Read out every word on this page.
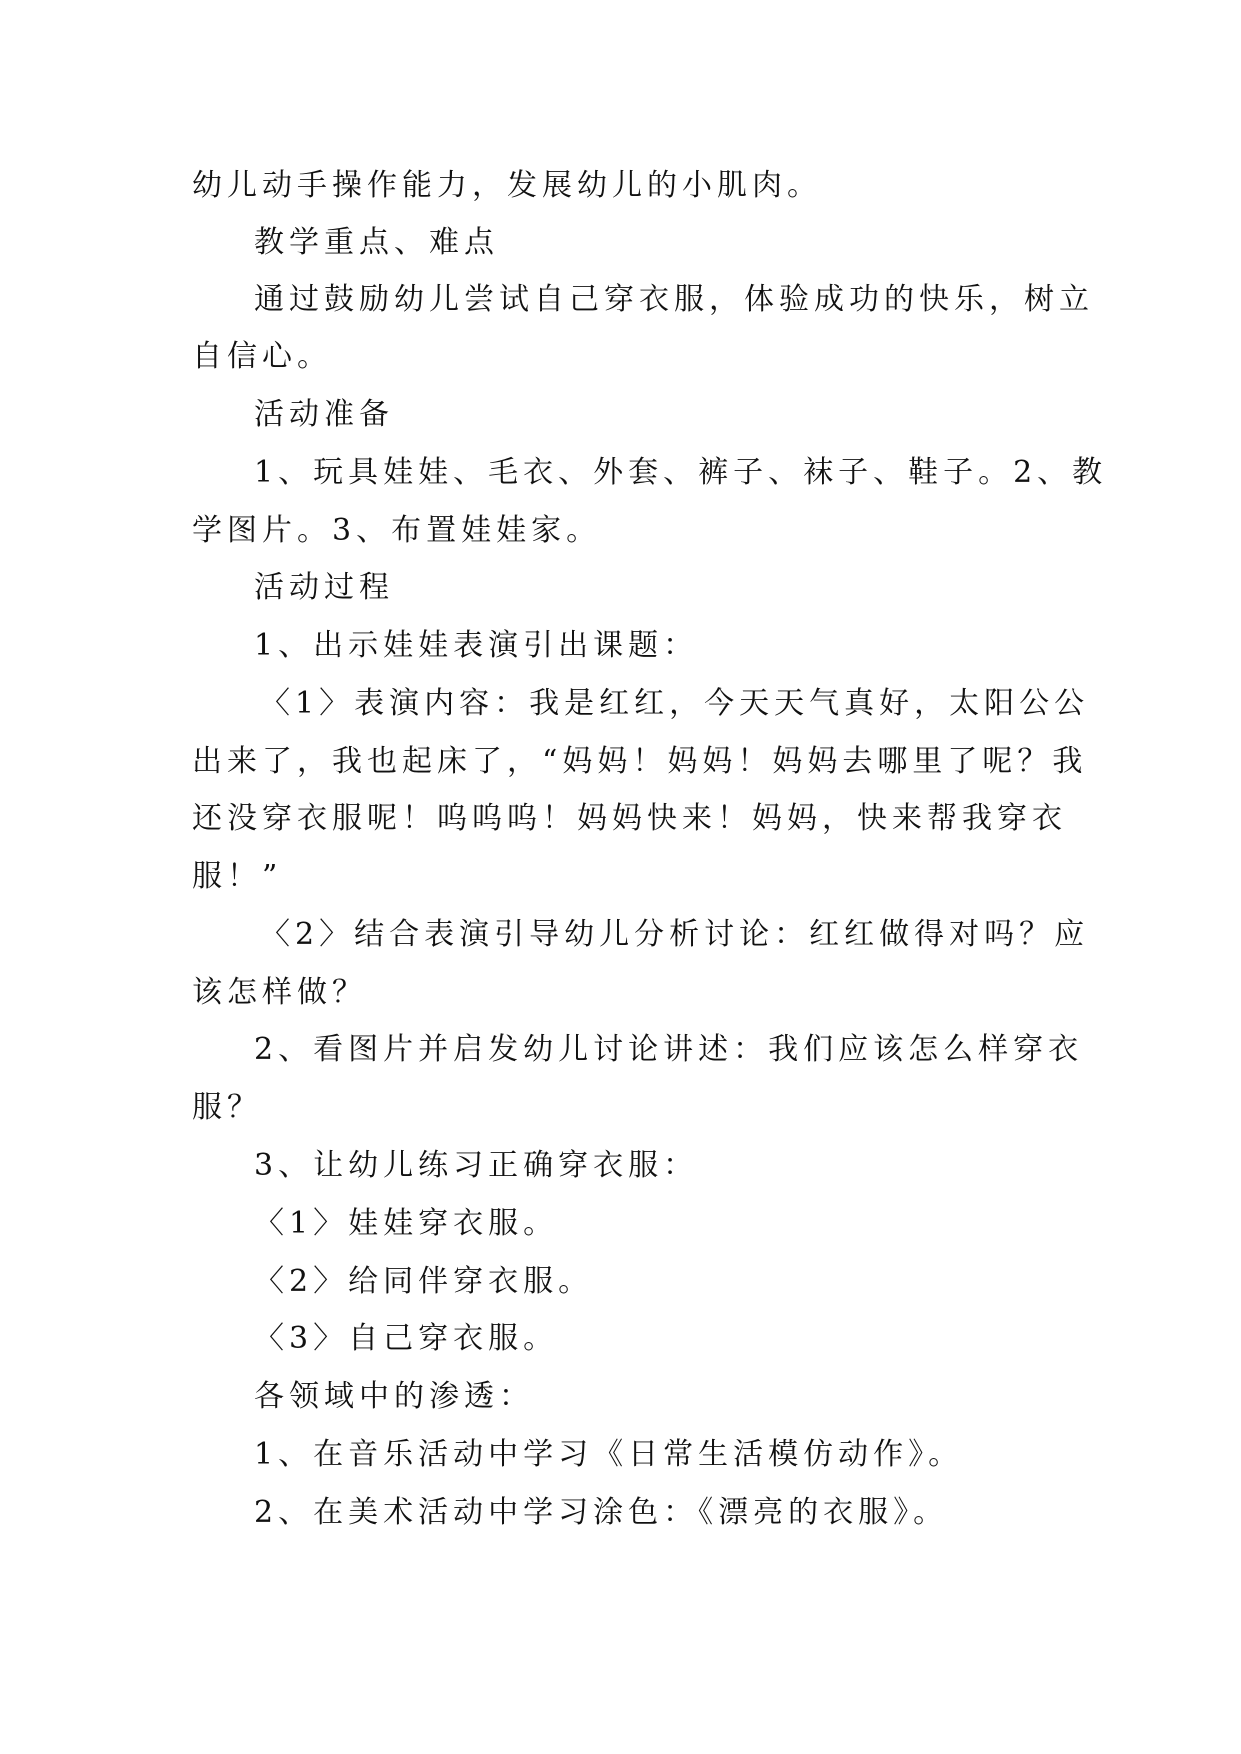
幼儿动手操作能力，发展幼儿的小肌肉。
教学重点、难点
通过鼓励幼儿尝试自己穿衣服，体验成功的快乐，树立
自信心。
活动准备
1、玩具娃娃、毛衣、外套、裤子、袜子、鞋子。2、教
学图片。3、布置娃娃家。
活动过程
1、出示娃娃表演引出课题：
〈1〉表演内容：我是红红，今天天气真好，太阳公公
出来了，我也起床了，“妈妈！妈妈！妈妈去哪里了呢？我
还没穿衣服呢！呜呜呜！妈妈快来！妈妈，快来帮我穿衣
服！”
〈2〉结合表演引导幼儿分析讨论：红红做得对吗？应
该怎样做？
2、看图片并启发幼儿讨论讲述：我们应该怎么样穿衣
服？
3、让幼儿练习正确穿衣服：
〈1〉娃娃穿衣服。
〈2〉给同伴穿衣服。
〈3〉自己穿衣服。
各领域中的渗透：
1、在音乐活动中学习《日常生活模仿动作》。
2、在美术活动中学习涂色：《漂亮的衣服》。
